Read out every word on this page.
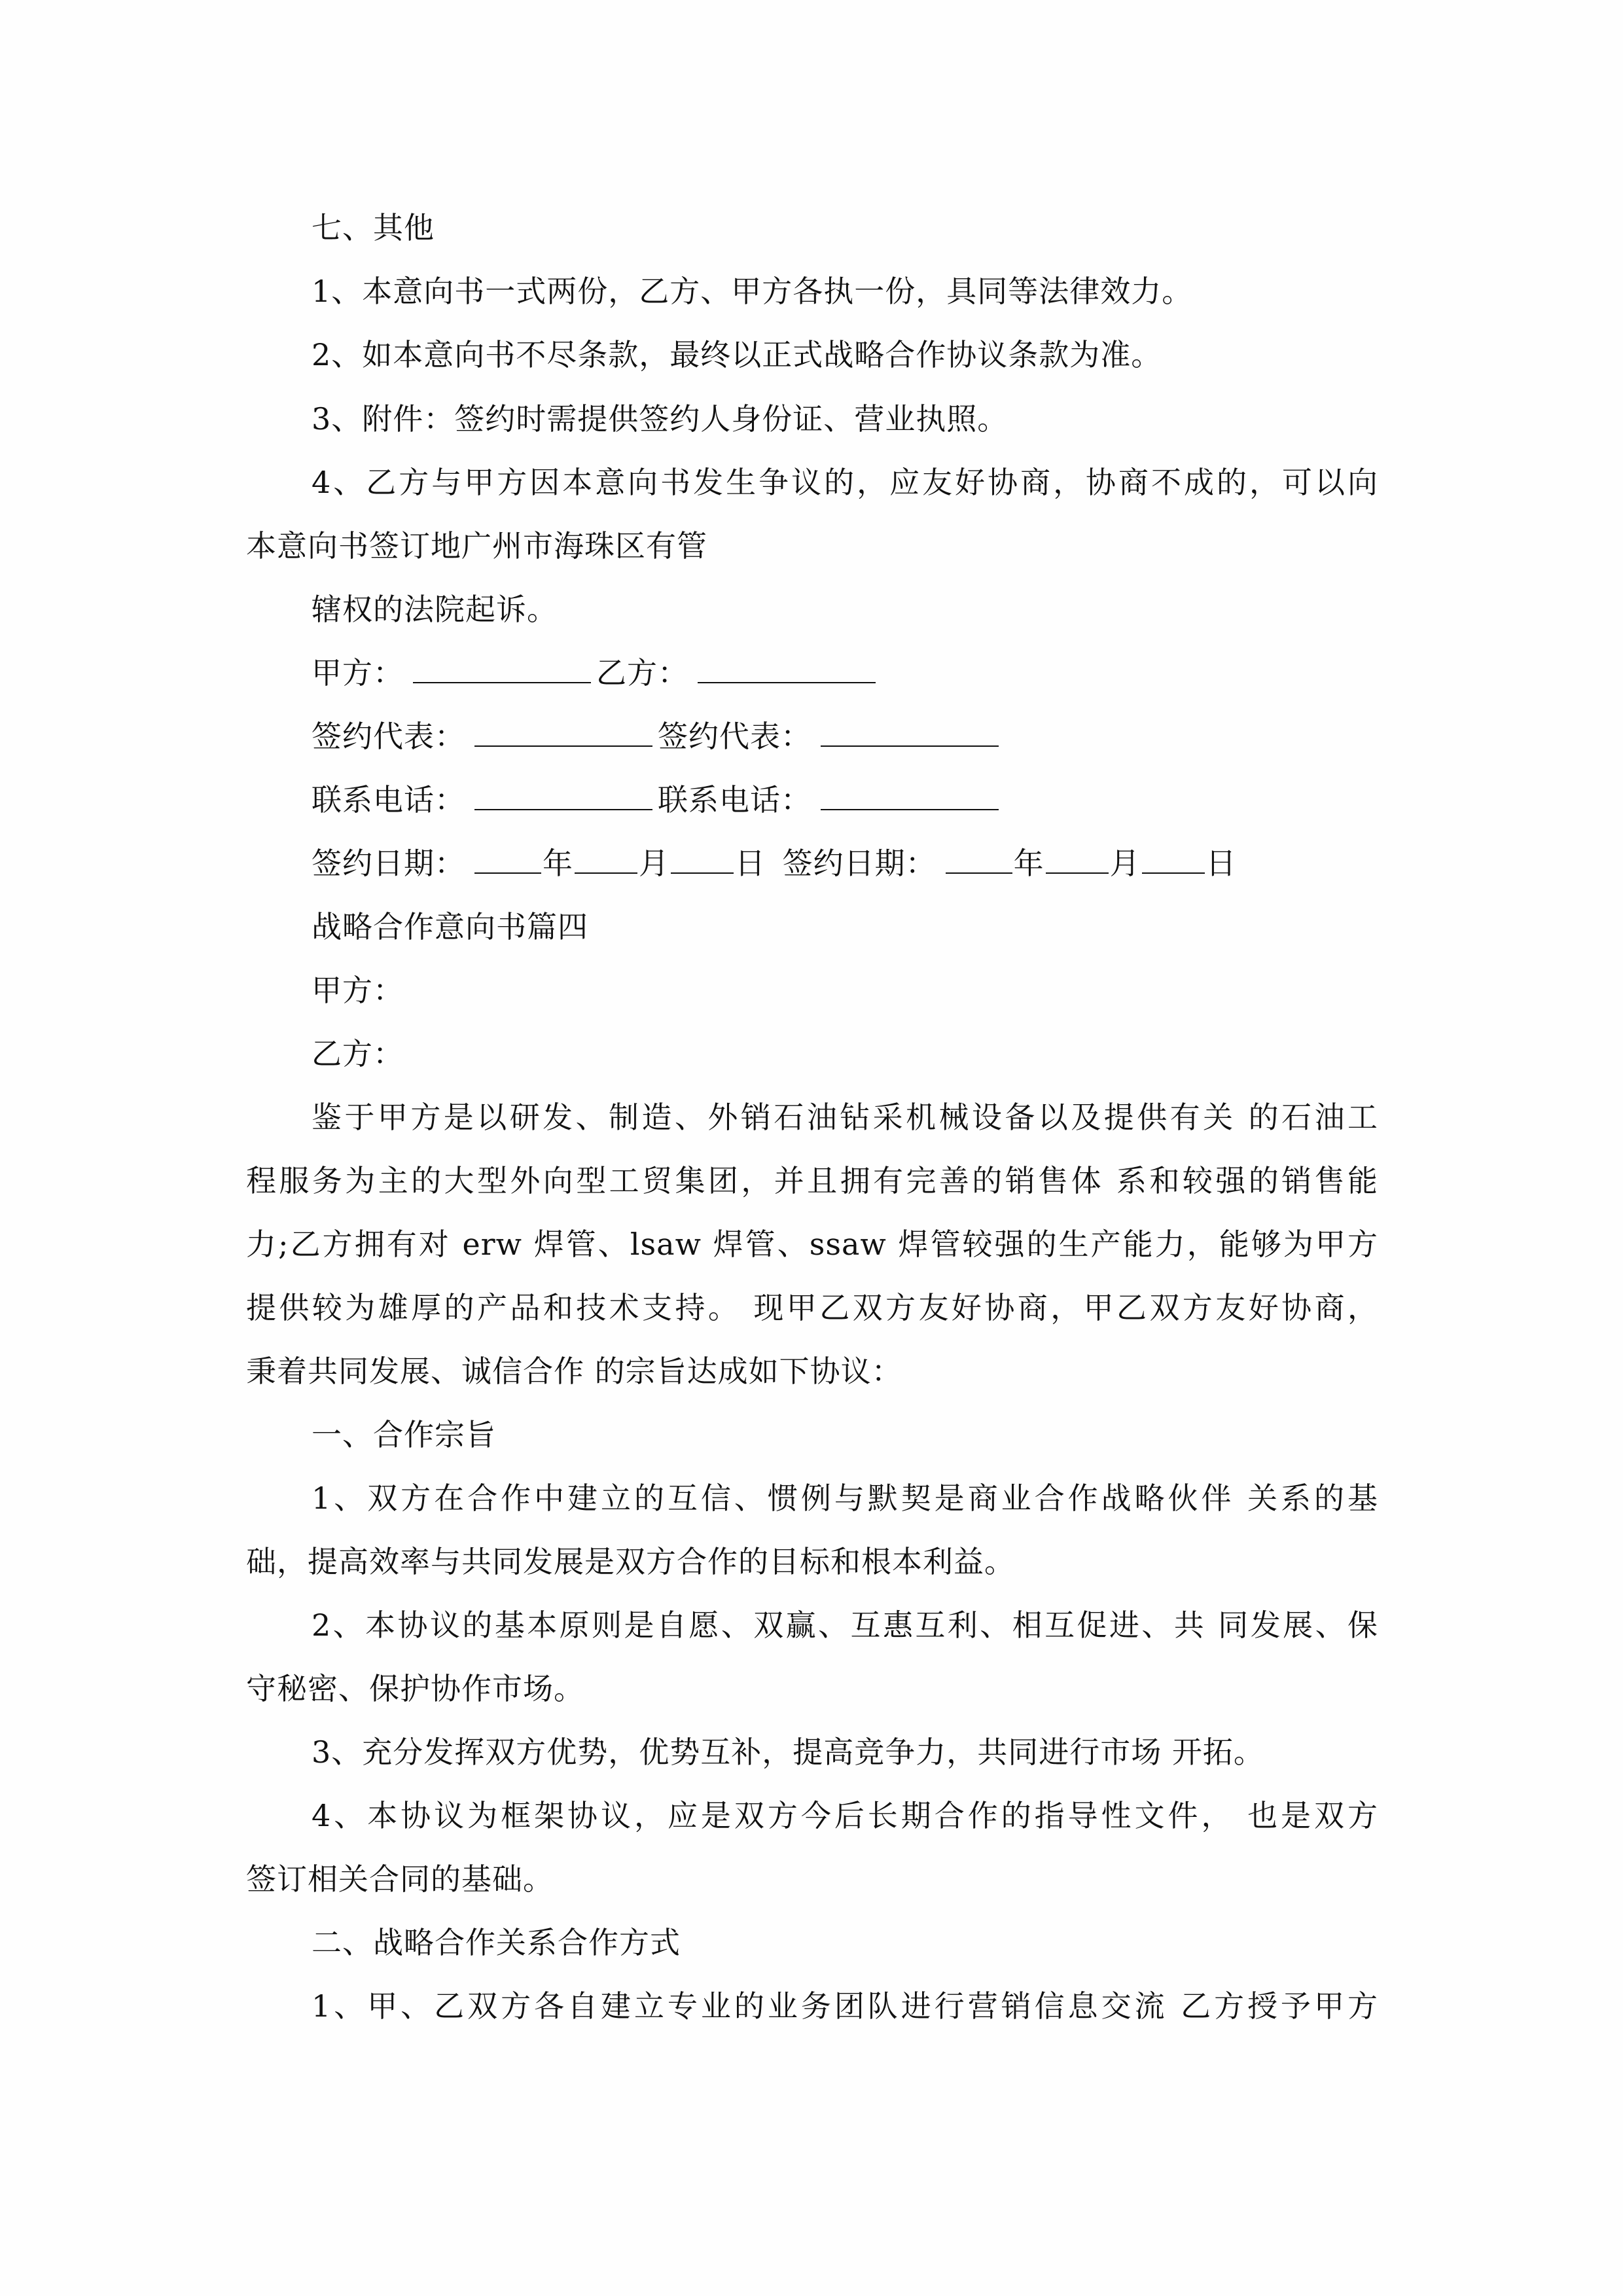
七、其他
1、本意向书一式两份，乙方、甲方各执一份，具同等法律效力。
2、如本意向书不尽条款，最终以正式战略合作协议条款为准。
3、附件：签约时需提供签约人身份证、营业执照。
4、乙方与甲方因本意向书发生争议的，应友好协商，协商不成的，可以向
本意向书签订地广州市海珠区有管
辖权的法院起诉。
甲方：	乙方：
签约代表：	签约代表：
联系电话：	联系电话：
签约日期：	年 月 日 签约日期：	年 月 日
战略合作意向书篇四
甲方：
乙方：
鉴于甲方是以研发、制造、外销石油钻采机械设备以及提供有关 的石油工
程服务为主的大型外向型工贸集团，并且拥有完善的销售体 系和较强的销售能
力;乙方拥有对 erw 焊管、lsaw 焊管、ssaw 焊管较强的生产能力，能够为甲方
提供较为雄厚的产品和技术支持。 现甲乙双方友好协商，甲乙双方友好协商，
秉着共同发展、诚信合作 的宗旨达成如下协议：
一、合作宗旨
1、双方在合作中建立的互信、惯例与默契是商业合作战略伙伴 关系的基
础，提高效率与共同发展是双方合作的目标和根本利益。
2、本协议的基本原则是自愿、双赢、互惠互利、相互促进、共 同发展、保
守秘密、保护协作市场。
3、充分发挥双方优势，优势互补，提高竞争力，共同进行市场 开拓。
4、本协议为框架协议，应是双方今后长期合作的指导性文件， 也是双方
签订相关合同的基础。
二、战略合作关系合作方式
1、甲、乙双方各自建立专业的业务团队进行营销信息交流 乙方授予甲方
